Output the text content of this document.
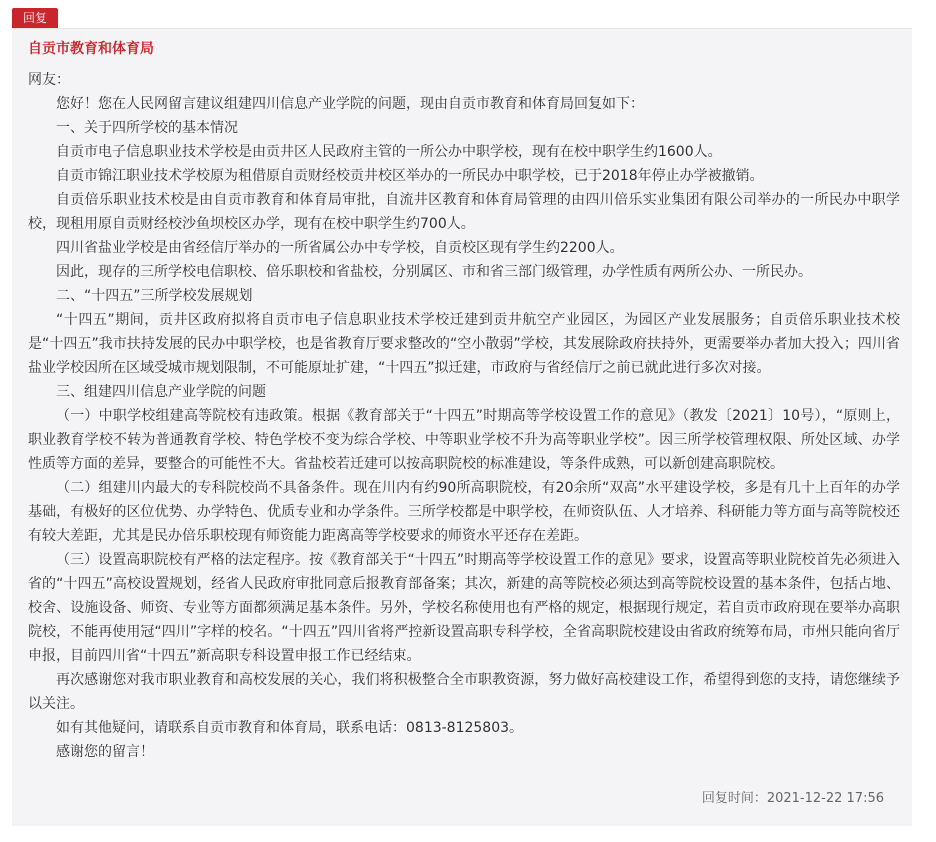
回复
自贡市教育和体育局

网友：

您好！您在人民网留言建议组建四川信息产业学院的问题，现由自贡市教育和体育局回复如下：

一、关于四所学校的基本情况

自贡市电子信息职业技术学校是由贡井区人民政府主管的一所公办中职学校，现有在校中职学生约1600人。

自贡市锦江职业技术学校原为租借原自贡财经校贡井校区举办的一所民办中职学校，已于2018年停止办学被撤销。

自贡倍乐职业技术校是由自贡市教育和体育局审批，自流井区教育和体育局管理的由四川倍乐实业集团有限公司举办的一所民办中职学校，现租用原自贡财经校沙鱼坝校区办学，现有在校中职学生约700人。

四川省盐业学校是由省经信厅举办的一所省属公办中专学校，自贡校区现有学生约2200人。

因此，现存的三所学校电信职校、倍乐职校和省盐校，分别属区、市和省三部门级管理，办学性质有两所公办、一所民办。

二、“十四五”三所学校发展规划

“十四五”期间，贡井区政府拟将自贡市电子信息职业技术学校迁建到贡井航空产业园区，为园区产业发展服务；自贡倍乐职业技术校是“十四五”我市扶持发展的民办中职学校，也是省教育厅要求整改的“空小散弱”学校，其发展除政府扶持外，更需要举办者加大投入；四川省盐业学校因所在区域受城市规划限制，不可能原址扩建，“十四五”拟迁建，市政府与省经信厅之前已就此进行多次对接。

三、组建四川信息产业学院的问题

（一）中职学校组建高等院校有违政策。根据《教育部关于“十四五”时期高等学校设置工作的意见》（教发〔2021〕10号），“原则上，职业教育学校不转为普通教育学校、特色学校不变为综合学校、中等职业学校不升为高等职业学校”。因三所学校管理权限、所处区域、办学性质等方面的差异，要整合的可能性不大。省盐校若迁建可以按高职院校的标准建设，等条件成熟，可以新创建高职院校。

（二）组建川内最大的专科院校尚不具备条件。现在川内有约90所高职院校，有20余所“双高”水平建设学校，多是有几十上百年的办学基础，有极好的区位优势、办学特色、优质专业和办学条件。三所学校都是中职学校，在师资队伍、人才培养、科研能力等方面与高等院校还有较大差距，尤其是民办倍乐职校现有师资能力距离高等学校要求的师资水平还存在差距。

（三）设置高职院校有严格的法定程序。按《教育部关于“十四五”时期高等学校设置工作的意见》要求，设置高等职业院校首先必须进入省的“十四五”高校设置规划，经省人民政府审批同意后报教育部备案；其次，新建的高等院校必须达到高等院校设置的基本条件，包括占地、校舍、设施设备、师资、专业等方面都须满足基本条件。另外，学校名称使用也有严格的规定，根据现行规定，若自贡市政府现在要举办高职院校，不能再使用冠“四川”字样的校名。“十四五”四川省将严控新设置高职专科学校，全省高职院校建设由省政府统筹布局，市州只能向省厅申报，目前四川省“十四五”新高职专科设置申报工作已经结束。

再次感谢您对我市职业教育和高校发展的关心，我们将积极整合全市职教资源，努力做好高校建设工作，希望得到您的支持，请您继续予以关注。

如有其他疑问，请联系自贡市教育和体育局，联系电话：0813-8125803。

感谢您的留言！

回复时间：2021-12-22 17:56
